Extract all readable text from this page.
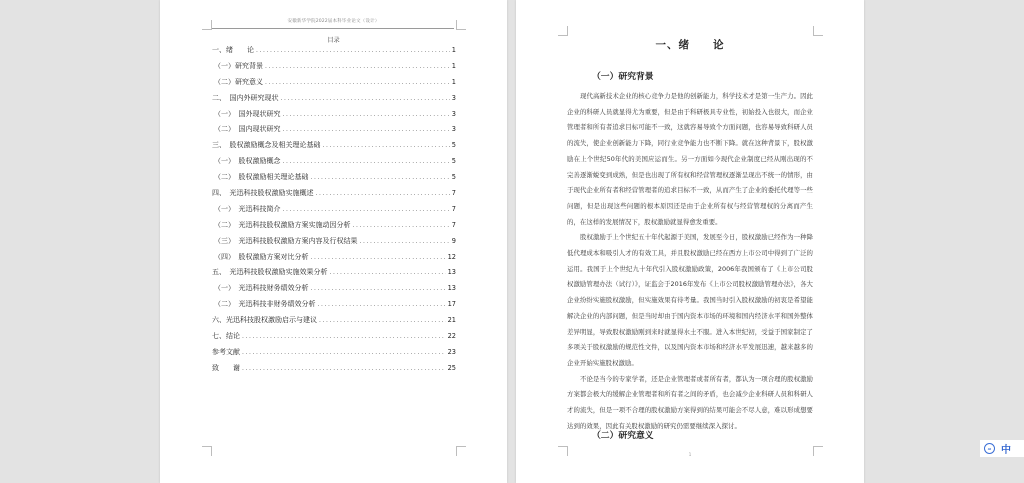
安徽新华学院2022届本科毕业论文（设计）
目录
一、绪　　论 .....	1
（一）研究背景 .....	1
（二）研究意义 .....	1
二、　国内外研究现状 .....	3
（一）　国外现状研究 .....	3
（二）　国内现状研究 .....	3
三、　股权激励概念及相关理论基础 .....	5
（一）　股权激励概念 .....	5
（二）　股权激励相关理论基础 .....	5
四、　光迅科技股权激励实施概述 .....	7
（一）　光迅科技简介 .....	7
（二）　光迅科技股权激励方案实施动因分析 .....	7
（三）　光迅科技股权激励方案内容及行权结果 .....	9
（四）　股权激励方案对比分析 .....	12
五、　光迅科技股权激励实施效果分析 .....	13
（一）　光迅科技财务绩效分析 .....	13
（二）　光迅科技非财务绩效分析 .....	17
六、光迅科技股权激励启示与建议 .....	21
七、结论 .....	22
参考文献 .....	23
致　　谢 .....	25
一、绪　　论
（一）研究背景

现代高新技术企业的核心竞争力是他的创新能力，科学技术才是第一生产力。因此企业的科研人员就显得尤为重要，但是由于科研极具专业性，初始投入也很大，而企业管理者和所有者追求目标可能不一致，这就容易导致个方面问题，也容易导致科研人员的流失，使企业创新能力下降，同行业竞争能力也不断下降。就在这种背景下，股权激励在上个世纪50年代的美国应运而生。另一方面如今现代企业制度已经从刚出现的不完善逐渐蜕变到成熟，但是也出现了所有权和经营管理权逐渐呈现出不统一的情形，由于现代企业所有者和经营管理者的追求目标不一致，从而产生了企业的委托代理等一些问题，但是出现这些问题的根本原因还是由于企业所有权与经营管理权的分离而产生的，在这样的发展情况下，股权激励就显得愈发重要。

股权激励于上个世纪五十年代起源于美国，发展至今日，股权激励已经作为一种降低代理成本和吸引人才的有效工具，并且股权激励已经在西方上市公司中得到了广泛的运用。我国于上个世纪九十年代引入股权激励政策，2006年我国颁布了《上市公司股权激励管理办法（试行）》，证监会于2016年发布《上市公司股权激励管理办法》，各大企业纷纷实施股权激励，但实施效果有待考量。我国当时引入股权激励的初衷是希望能解决企业的内部问题，但是当时却由于国内资本市场的环境和国内经济水平和国外整体差异明显，导致股权激励刚到来时就显得水土不服。进入本世纪初，受益于国家制定了多项关于股权激励的规范性文件，以及国内资本市场和经济水平发展迅速，越来越多的企业开始实施股权激励。

不论是当今的专家学者，还是企业管理者或者所有者，都认为一项合理的股权激励方案都会极大的缓解企业管理者和所有者之间的矛盾，也会减少企业科研人员和科研人才的流失，但是一项不合理的股权激励方案得到的结果可能会不尽人意，难以形成想要达到的效果，因此有关股权激励的研究仍需要继续深入探讨。

（二）研究意义
1
AI 中
